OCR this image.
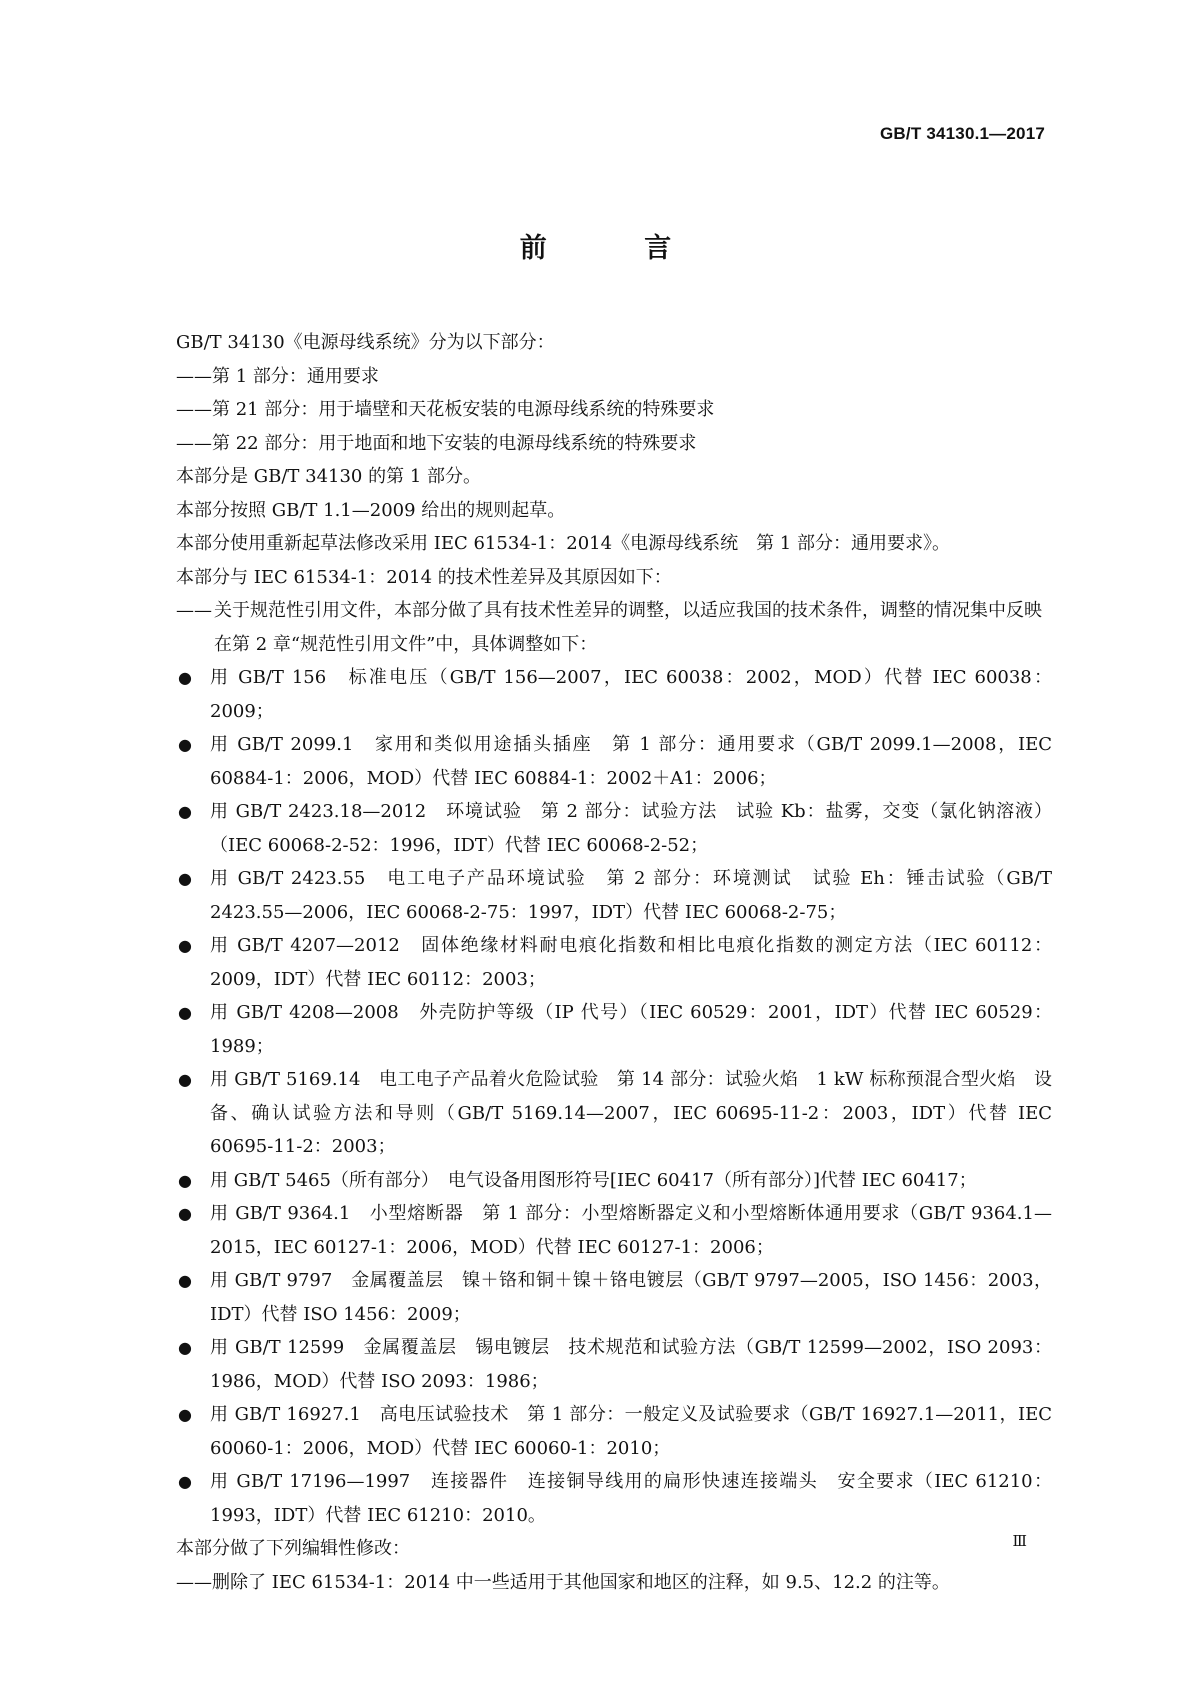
GB/T 34130.1—2017
前 言
GB/T 34130《电源母线系统》分为以下部分：
——第 1 部分：通用要求
——第 21 部分：用于墙壁和天花板安装的电源母线系统的特殊要求
——第 22 部分：用于地面和地下安装的电源母线系统的特殊要求
本部分是 GB/T 34130 的第 1 部分。
本部分按照 GB/T 1.1—2009 给出的规则起草。
本部分使用重新起草法修改采用 IEC 61534-1：2014《电源母线系统　第 1 部分：通用要求》。
本部分与 IEC 61534-1：2014 的技术性差异及其原因如下：
—— 关于规范性引用文件，本部分做了具有技术性差异的调整，以适应我国的技术条件，调整的情况集中反映在第 2 章“规范性引用文件”中，具体调整如下：
● 用 GB/T 156　标准电压（GB/T 156—2007，IEC 60038：2002，MOD）代替 IEC 60038：2009；
● 用 GB/T 2099.1　家用和类似用途插头插座　第 1 部分：通用要求（GB/T 2099.1—2008，IEC 60884-1：2006，MOD）代替 IEC 60884-1：2002＋A1：2006；
● 用 GB/T 2423.18—2012　环境试验　第 2 部分：试验方法　试验 Kb：盐雾，交变（氯化钠溶液）（IEC 60068-2-52：1996，IDT）代替 IEC 60068-2-52；
● 用 GB/T 2423.55　电工电子产品环境试验　第 2 部分：环境测试　试验 Eh：锤击试验（GB/T 2423.55—2006，IEC 60068-2-75：1997，IDT）代替 IEC 60068-2-75；
● 用 GB/T 4207—2012　固体绝缘材料耐电痕化指数和相比电痕化指数的测定方法（IEC 60112：2009，IDT）代替 IEC 60112：2003；
● 用 GB/T 4208—2008　外壳防护等级（IP 代号）（IEC 60529：2001，IDT）代替 IEC 60529：1989；
● 用 GB/T 5169.14　电工电子产品着火危险试验　第 14 部分：试验火焰　1 kW 标称预混合型火焰　设备、确认试验方法和导则（GB/T 5169.14—2007，IEC 60695-11-2：2003，IDT）代替 IEC 60695-11-2：2003；
● 用 GB/T 5465（所有部分）　电气设备用图形符号[IEC 60417（所有部分）]代替 IEC 60417；
● 用 GB/T 9364.1　小型熔断器　第 1 部分：小型熔断器定义和小型熔断体通用要求（GB/T 9364.1—2015，IEC 60127-1：2006，MOD）代替 IEC 60127-1：2006；
● 用 GB/T 9797　金属覆盖层　镍＋铬和铜＋镍＋铬电镀层（GB/T 9797—2005，ISO 1456：2003，IDT）代替 ISO 1456：2009；
● 用 GB/T 12599　金属覆盖层　锡电镀层　技术规范和试验方法（GB/T 12599—2002，ISO 2093：1986，MOD）代替 ISO 2093：1986；
● 用 GB/T 16927.1　高电压试验技术　第 1 部分：一般定义及试验要求（GB/T 16927.1—2011，IEC 60060-1：2006，MOD）代替 IEC 60060-1：2010；
● 用 GB/T 17196—1997　连接器件　连接铜导线用的扁形快速连接端头　安全要求（IEC 61210：1993，IDT）代替 IEC 61210：2010。
本部分做了下列编辑性修改：
——删除了 IEC 61534-1：2014 中一些适用于其他国家和地区的注释，如 9.5、12.2 的注等。
Ⅲ
